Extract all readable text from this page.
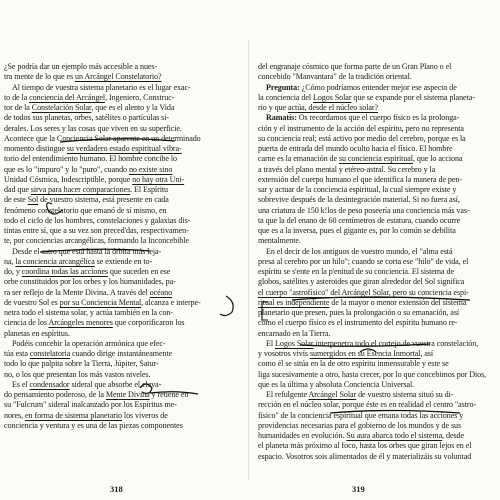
¿Se podría dar un ejemplo más accesible a nues-
tra mente de lo que es un Arcángel Constelatorio?
Al tiempo de vuestra sistema planetario es el lugar exac-
to de la conciencia del Arcángel, Ingeniero, Construc-
tor de la Constelación Solar, que es el alento y la Vida
de todos sus planetas, orbes, satélites o partículas si-
derales. Los seres y las cosas que viven en su superficie.
Acontece que la Conciencia Solar aparente en un determinado
momento distingue su verdadero estado espiritual vibra-
torio del entendimiento humano. El hombre concibe lo
que es lo "impuro" y lo "puro", cuando no existe sino
Unidad Cósmica, Indescriptible, porque no hay otra Uni-
dad que sirva para hacer comparaciones. El Espíritu
de este Sol de vuestro sistema, está presente en cada
fenómeno constelatorio que emanó de sí mismo, en
todo el ciclo de los hombres, constelaciones y galaxias dis-
tintas entre sí, que a su vez son preced'das, respectivamen-
te, por conciencias arcangélicas, formando la Inconcebible
Desde el astro que está hasta la órbita más leja-
na, la conciencia arcangélica se extiende en to-
do, y coordina todas las acciones que suceden en ese
orbe constituidos por los orbes y los humanidades, pa-
ra ser reflejo de la Mente Divina. A través del océano
de vuestro Sol es por su Conciencia Mental, alcanza e interpe-
netra todo el sistema solar, y actúa también en la con-
ciencia de los Arcángeles menores que corporificaron los
planetas en espíritus.
Podéis concebir la operación armónica que efec-
túa esta constelatoria cuando dirige instantáneamente
todo lo que palpita sobre la Tierra, Júpiter, Satur-
no, o los que presentan los más vastos niveles.
Es el condensador sideral que absorbe el eleva-
do pensamiento poderoso, de la Mente Divina y retiene en
su "Fulcrum" sideral inalcanzado por los Espíritus me-
nores, en forma de sistema planetario los viveros de
conciencia y ventura y es una de las piezas componentes
del engranaje cósmico que forma parte de un Gran Plano o el
concebido "Manvantara" de la tradición oriental.
Pregunta: ¿Cómo podríamos entender mejor ese aspecto de
la conciencia del Logos Solar que se expande por el sistema planeta-
rio y que actúa, desde el núcleo solar?
Ramatís: Os recordamos que el cuerpo físico es la prolonga-
ción y el instrumento de la acción del espíritu, pero no representa
su conciencia real; está activo por medio del cerebro, porque es la
puerta de entrada del mundo oculto hacia el físico. El hombre
carne es la emanación de su conciencia espiritual, que lo acciona
a través del plano mental y etéreo-astral. Su cerebro y la
extensión del cuerpo humano el que identifica la manera de pen-
sar y actuar de la conciencia espiritual, la cual siempre existe y
sobrevive después de la desintegración material. Si no fuera así,
una criatura de 150 k!los de peso poseería una conciencia más vas-
ta que la del enano de 60 centímetros de estatura, cuando ocurre
que es a la inversa, pues el gigante es, por lo común se debilita
mentalmente.
En el decir de los antiguos de vuestro mundo, el "alma está
presa al cerebro por un hilo"; cuando se corta ese "hilo" de vida, el
espíritu se s'ente en la p'enitud de su conciencia. El sistema de
globos, satélites y asteroides que giran alrededor del Sol significa
el cuerpo "astrofísico" del Arcángel Solar, pero su conciencia espi-
ritual es independiente de la mayor o menor extensión del sistema
planetario que presen, pues la prolongación o su emanación, así
como el cuerpo físico es el instrumento del espíritu humano re-
encarnado en la Tierra.
El Logos Solar interpenetra todo el cortejo de vuestra constelación,
y vosotros vivís sumergidos en su Esencia Inmortal, así
como él se sitúa en la de otro espíritu inmensurable y este se
liga sucesivamente a otro, hasta crecer, por lo que concebimos por Dios,
que es la última y absoluta Conciencia Universal.
El refulgente Arcángel Solar de vuestro sistema situó su di-
rección en el núcleo solar, porque éste es en realidad el centro "astro-
físico" de la conciencia espiritual que emana todas las acciones y
providencias necesarias para el gobierno de los mundos y de sus
humanidades en evolución. Su aura abarca todo el sistema, desde
el planeta más próximo al foco, hasta los orbes que giran lejos en el
espacio. Vosotros sois alimentados de él y materializáis su voluntad
318	319
